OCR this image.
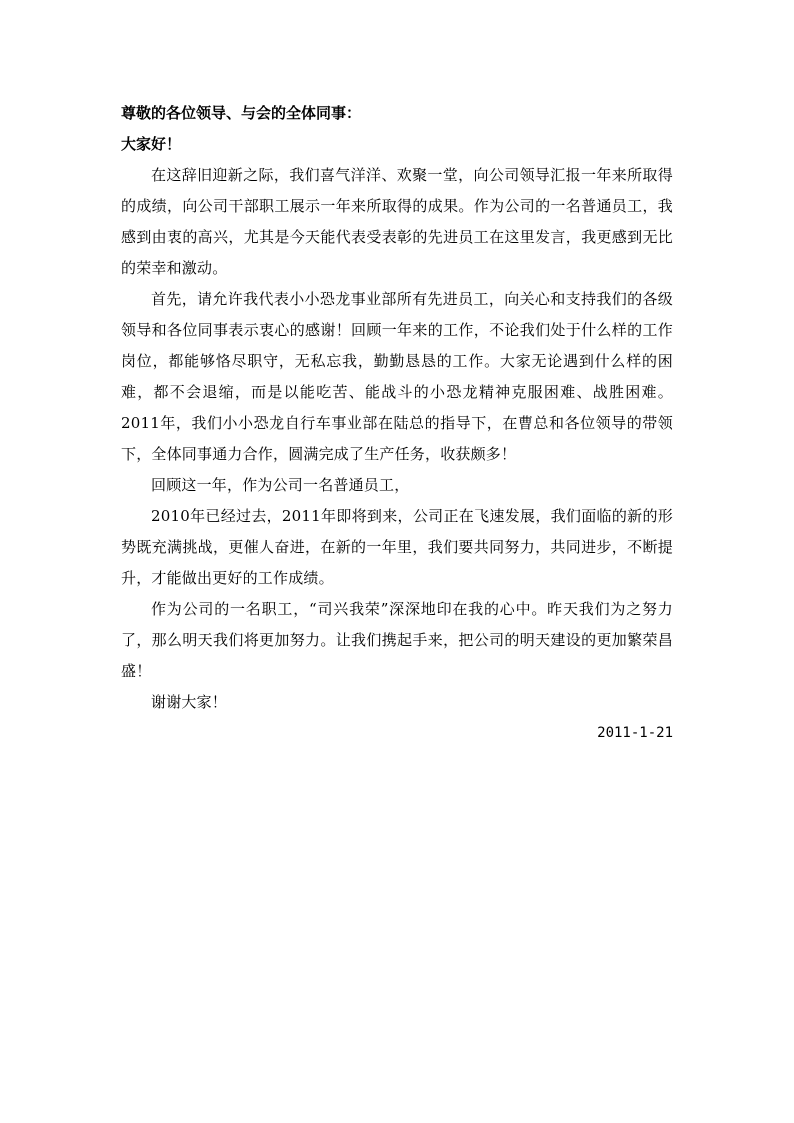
尊敬的各位领导、与会的全体同事：

大家好！

在这辞旧迎新之际，我们喜气洋洋、欢聚一堂，向公司领导汇报一年来所取得的成绩，向公司干部职工展示一年来所取得的成果。作为公司的一名普通员工，我感到由衷的高兴，尤其是今天能代表受表彰的先进员工在这里发言，我更感到无比的荣幸和激动。

首先，请允许我代表小小恐龙事业部所有先进员工，向关心和支持我们的各级领导和各位同事表示衷心的感谢！回顾一年来的工作，不论我们处于什么样的工作岗位，都能够恪尽职守，无私忘我，勤勤恳恳的工作。大家无论遇到什么样的困难，都不会退缩，而是以能吃苦、能战斗的小恐龙精神克服困难、战胜困难。2011年，我们小小恐龙自行车事业部在陆总的指导下，在曹总和各位领导的带领下，全体同事通力合作，圆满完成了生产任务，收获颇多！

回顾这一年，作为公司一名普通员工，

2010年已经过去，2011年即将到来，公司正在飞速发展，我们面临的新的形势既充满挑战，更催人奋进，在新的一年里，我们要共同努力，共同进步，不断提升，才能做出更好的工作成绩。

作为公司的一名职工，“司兴我荣”深深地印在我的心中。昨天我们为之努力了，那么明天我们将更加努力。让我们携起手来，把公司的明天建设的更加繁荣昌盛！

谢谢大家！

2011-1-21
